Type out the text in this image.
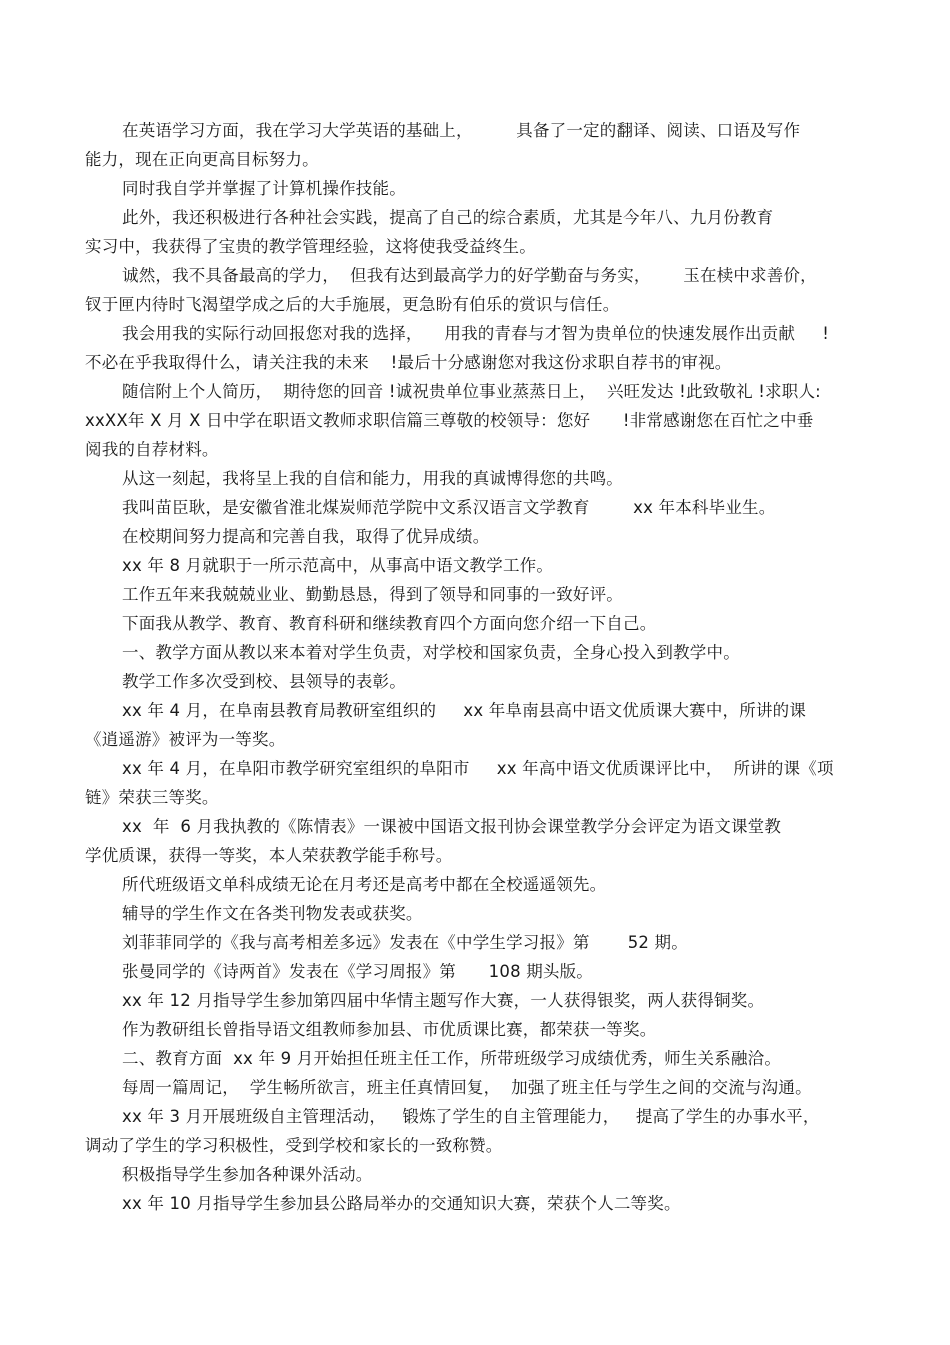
在英语学习方面，我在学习大学英语的基础上，        具备了一定的翻译、阅读、口语及写作
能力，现在正向更高目标努力。
同时我自学并掌握了计算机操作技能。
此外，我还积极进行各种社会实践，提高了自己的综合素质，尤其是今年八、九月份教育
实习中，我获得了宝贵的教学管理经验，这将使我受益终生。
诚然，我不具备最高的学力，  但我有达到最高学力的好学勤奋与务实，      玉在椟中求善价，
钗于匣内待时飞渴望学成之后的大手施展，更急盼有伯乐的赏识与信任。
我会用我的实际行动回报您对我的选择，    用我的青春与才智为贵单位的快速发展作出贡献     !
不必在乎我取得什么，请关注我的未来    !最后十分感谢您对我这份求职自荐书的审视。
随信附上个人简历，  期待您的回音 !诚祝贵单位事业蒸蒸日上，  兴旺发达 !此致敬礼 !求职人:
xxXX年 X 月 X 日中学在职语文教师求职信篇三尊敬的校领导：您好      !非常感谢您在百忙之中垂
阅我的自荐材料。
从这一刻起，我将呈上我的自信和能力，用我的真诚博得您的共鸣。
我叫苗臣耿，是安徽省淮北煤炭师范学院中文系汉语言文学教育        xx 年本科毕业生。
在校期间努力提高和完善自我，取得了优异成绩。
xx 年 8 月就职于一所示范高中，从事高中语文教学工作。
工作五年来我兢兢业业、勤勤恳恳，得到了领导和同事的一致好评。
下面我从教学、教育、教育科研和继续教育四个方面向您介绍一下自己。
一、教学方面从教以来本着对学生负责，对学校和国家负责，全身心投入到教学中。
教学工作多次受到校、县领导的表彰。
xx 年 4 月，在阜南县教育局教研室组织的     xx 年阜南县高中语文优质课大赛中，所讲的课
《逍遥游》被评为一等奖。
xx 年 4 月，在阜阳市教学研究室组织的阜阳市     xx 年高中语文优质课评比中，  所讲的课《项
链》荣获三等奖。
xx  年  6 月我执教的《陈情表》一课被中国语文报刊协会课堂教学分会评定为语文课堂教
学优质课，获得一等奖，本人荣获教学能手称号。
所代班级语文单科成绩无论在月考还是高考中都在全校遥遥领先。
辅导的学生作文在各类刊物发表或获奖。
刘菲菲同学的《我与高考相差多远》发表在《中学生学习报》第       52 期。
张曼同学的《诗两首》发表在《学习周报》第      108 期头版。
xx 年 12 月指导学生参加第四届中华情主题写作大赛，一人获得银奖，两人获得铜奖。
作为教研组长曾指导语文组教师参加县、市优质课比赛，都荣获一等奖。
二、教育方面  xx 年 9 月开始担任班主任工作，所带班级学习成绩优秀，师生关系融洽。
每周一篇周记，  学生畅所欲言，班主任真情回复，  加强了班主任与学生之间的交流与沟通。
xx 年 3 月开展班级自主管理活动，   锻炼了学生的自主管理能力，   提高了学生的办事水平，
调动了学生的学习积极性，受到学校和家长的一致称赞。
积极指导学生参加各种课外活动。
xx 年 10 月指导学生参加县公路局举办的交通知识大赛，荣获个人二等奖。
